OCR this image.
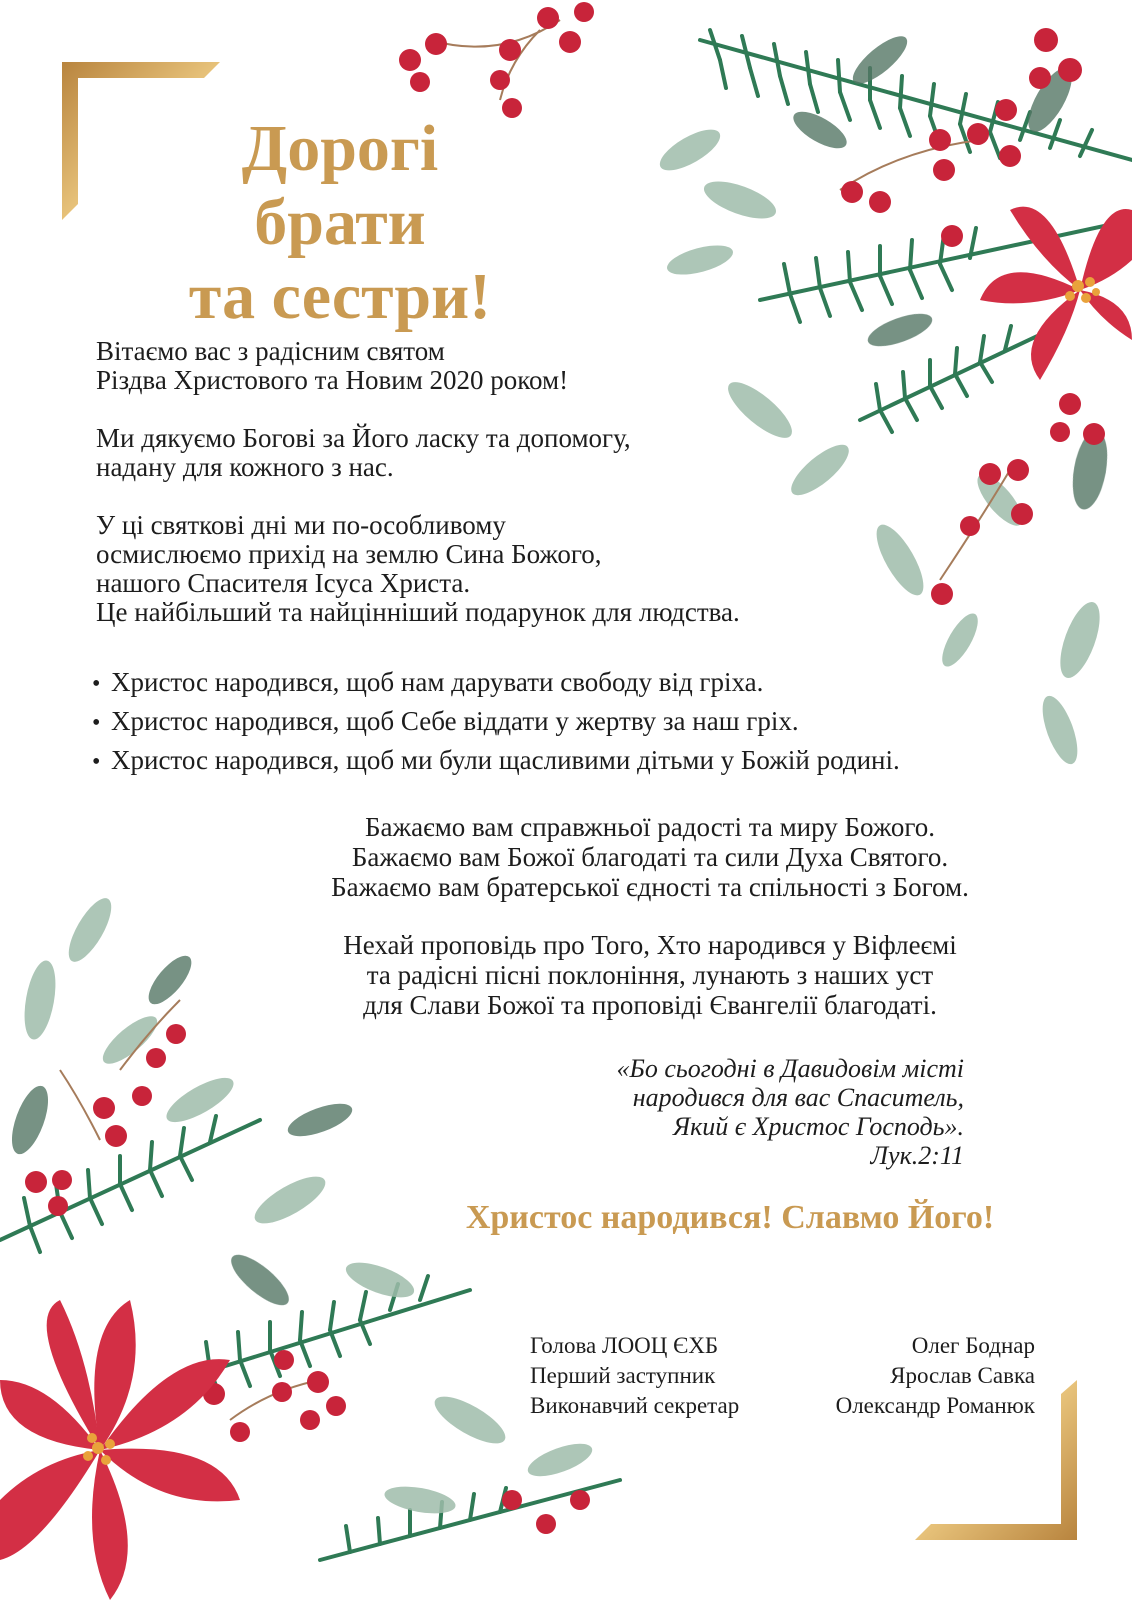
Дорогі
брати
та сестри!

Вітаємо вас з радісним святом
Різдва Христового та Новим 2020 роком!

Ми дякуємо Богові за Його ласку та допомогу,
надану для кожного з нас.

У ці святкові дні ми по-особливому
осмислюємо прихід на землю Сина Божого,
нашого Спасителя Ісуса Христа.
Це найбільший та найцінніший подарунок для людства.

• Христос народився, щоб нам дарувати свободу від гріха.
• Христос народився, щоб Себе віддати у жертву за наш гріх.
• Христос народився, щоб ми були щасливими дітьми у Божій родині.

Бажаємо вам справжньої радості та миру Божого.
Бажаємо вам Божої благодаті та сили Духа Святого.
Бажаємо вам братерської єдності та спільності з Богом.

Нехай проповідь про Того, Хто народився у Віфлеємі
та радісні пісні поклоніння, лунають з наших уст
для Слави Божої та проповіді Євангелії благодаті.

«Бо сьогодні в Давидовім місті
народився для вас Спаситель,
Який є Христос Господь».
Лук.2:11
Христос народився! Славмо Його!
Голова ЛООЦ ЄХБ
Перший заступник
Виконавчий секретар
Олег Боднар
Ярослав Савка
Олександр Романюк
